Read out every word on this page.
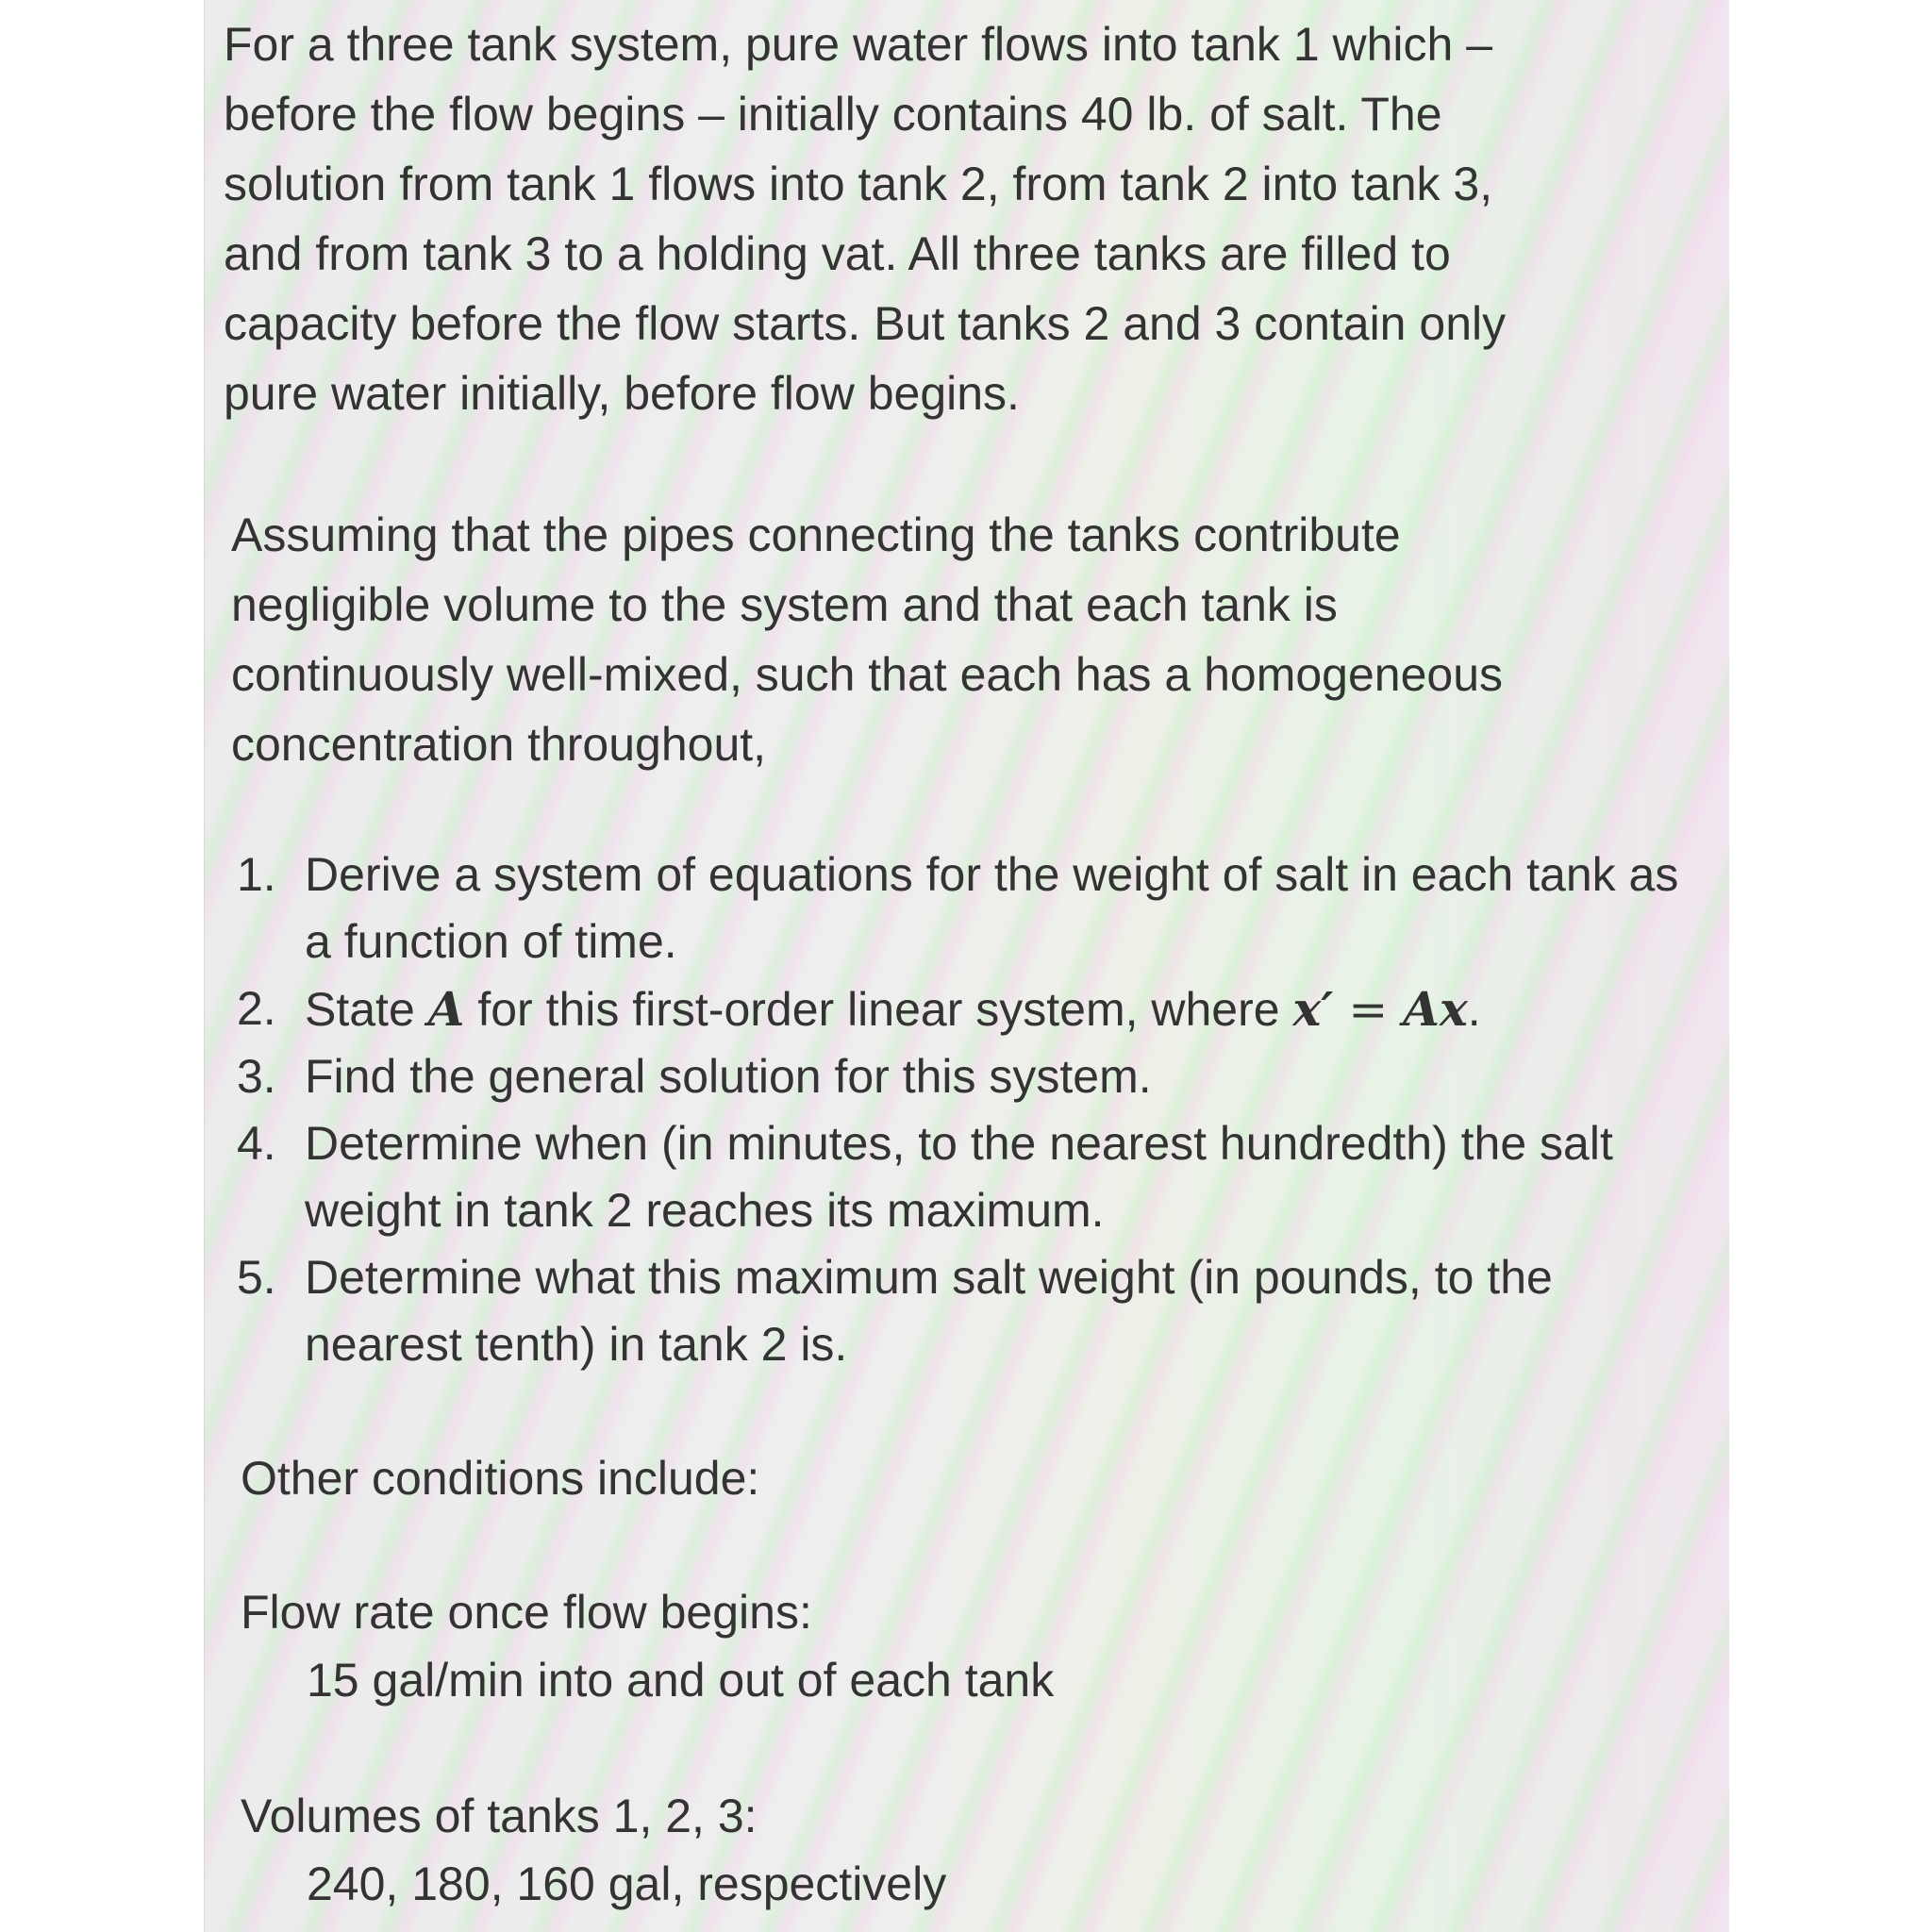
For a three tank system, pure water flows into tank 1 which –
before the flow begins – initially contains 40 lb. of salt. The
solution from tank 1 flows into tank 2, from tank 2 into tank 3,
and from tank 3 to a holding vat. All three tanks are filled to
capacity before the flow starts. But tanks 2 and 3 contain only
pure water initially, before flow begins.
Assuming that the pipes connecting the tanks contribute
negligible volume to the system and that each tank is
continuously well-mixed, such that each has a homogeneous
concentration throughout,
1. Derive a system of equations for the weight of salt in each tank as a function of time.
2. State A for this first-order linear system, where x′ = Ax.
3. Find the general solution for this system.
4. Determine when (in minutes, to the nearest hundredth) the salt weight in tank 2 reaches its maximum.
5. Determine what this maximum salt weight (in pounds, to the nearest tenth) in tank 2 is.
Other conditions include:
Flow rate once flow begins:
15 gal/min into and out of each tank
Volumes of tanks 1, 2, 3:
240, 180, 160 gal, respectively
